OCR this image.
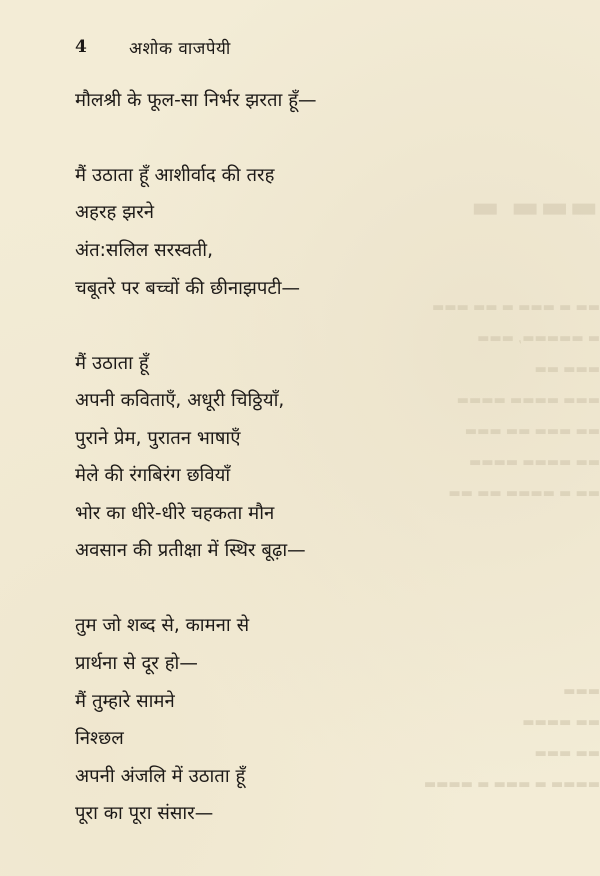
▬▬▬ ▬
▬▬ ▬ ▬▬▬ ▬ ▬▬ ▬▬▬
▬ ▬▬▬▬▬, ▬▬▬
▬▬▬ ▬▬
▬▬▬ ▬▬▬▬ ▬▬▬▬
▬▬ ▬▬▬ ▬▬ ▬▬▬
▬▬ ▬▬▬▬ ▬▬▬▬
▬▬ ▬ ▬▬▬▬ ▬▬ ▬▬
▬▬▬
▬▬ ▬▬▬▬
▬▬ ▬▬▬
▬▬▬▬ ▬ ▬▬▬ ▬ ▬▬▬▬
4	अशोक वाजपेयी
मौलश्री के फूल-सा निर्भर झरता हूँ—
मैं उठाता हूँ आशीर्वाद की तरह
अहरह झरने
अंत:सलिल सरस्वती,
चबूतरे पर बच्चों की छीनाझपटी—
मैं उठाता हूँ
अपनी कविताएँ, अधूरी चिठ्ठियाँ,
पुराने प्रेम, पुरातन भाषाएँ
मेले की रंगबिरंग छवियाँ
भोर का धीरे-धीरे चहकता मौन
अवसान की प्रतीक्षा में स्थिर बूढ़ा—
तुम जो शब्द से, कामना से
प्रार्थना से दूर हो—
मैं तुम्हारे सामने
निश्छल
अपनी अंजलि में उठाता हूँ
पूरा का पूरा संसार—
